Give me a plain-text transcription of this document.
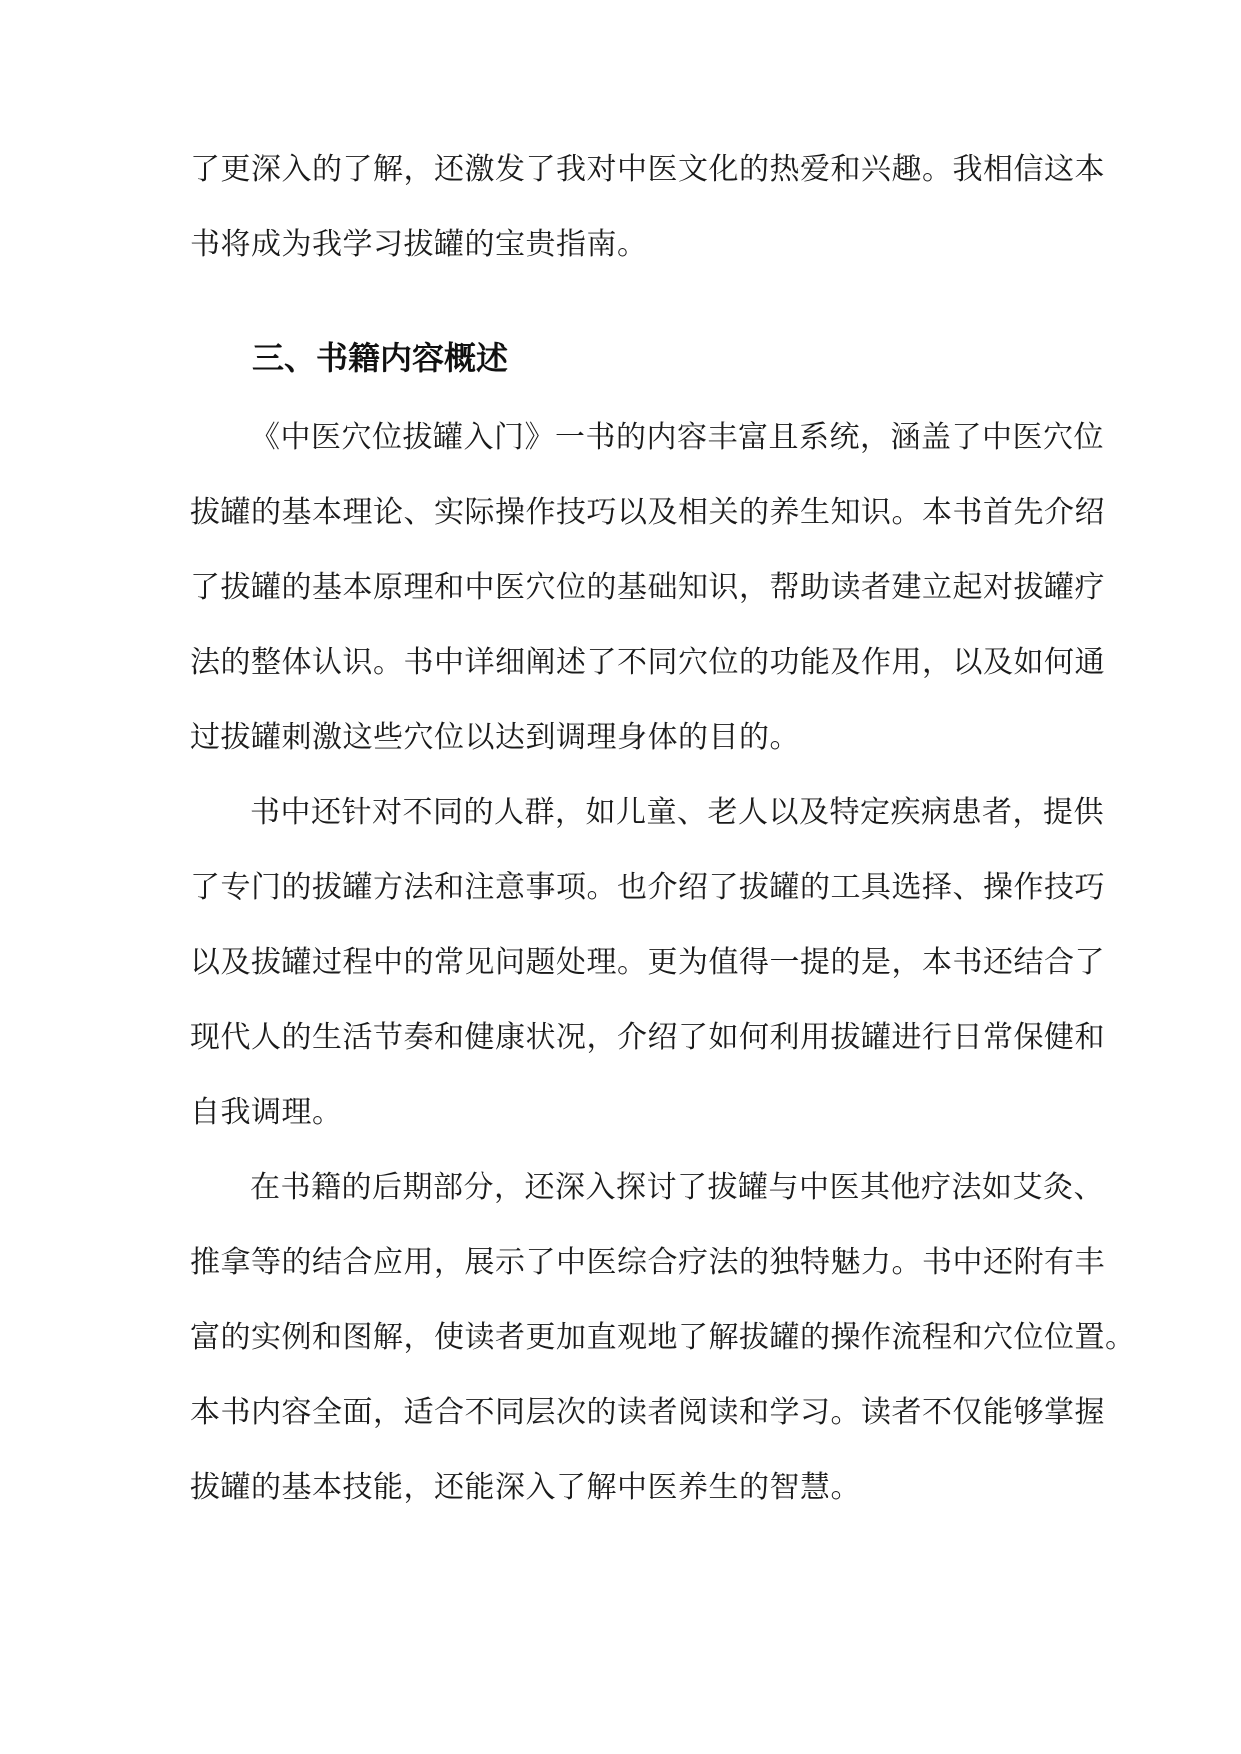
了更深入的了解，还激发了我对中医文化的热爱和兴趣。我相信这本
书将成为我学习拔罐的宝贵指南。
三、书籍内容概述
《中医穴位拔罐入门》一书的内容丰富且系统，涵盖了中医穴位
拔罐的基本理论、实际操作技巧以及相关的养生知识。本书首先介绍
了拔罐的基本原理和中医穴位的基础知识，帮助读者建立起对拔罐疗
法的整体认识。书中详细阐述了不同穴位的功能及作用，以及如何通
过拔罐刺激这些穴位以达到调理身体的目的。
书中还针对不同的人群，如儿童、老人以及特定疾病患者，提供
了专门的拔罐方法和注意事项。也介绍了拔罐的工具选择、操作技巧
以及拔罐过程中的常见问题处理。更为值得一提的是，本书还结合了
现代人的生活节奏和健康状况，介绍了如何利用拔罐进行日常保健和
自我调理。
在书籍的后期部分，还深入探讨了拔罐与中医其他疗法如艾灸、
推拿等的结合应用，展示了中医综合疗法的独特魅力。书中还附有丰
富的实例和图解，使读者更加直观地了解拔罐的操作流程和穴位位置。
本书内容全面，适合不同层次的读者阅读和学习。读者不仅能够掌握
拔罐的基本技能，还能深入了解中医养生的智慧。
